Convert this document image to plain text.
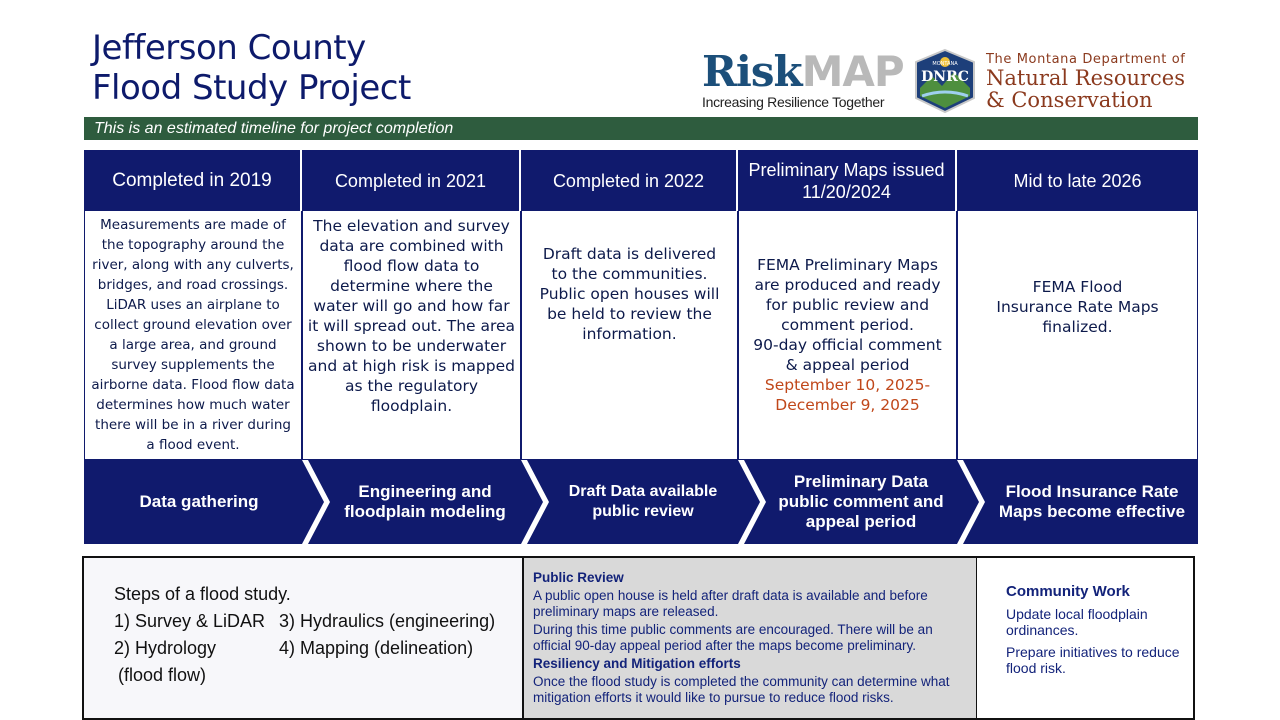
Jefferson County
Flood Study Project	RiskMAP
Increasing Resilience Together
MONTANA
DNRC
The Montana Department of
Natural Resources
& Conservation
This is an estimated timeline for project completion
Completed in 2019

Measurements are made of the topography around the river, along with any culverts, bridges, and road crossings. LiDAR uses an airplane to collect ground elevation over a large area, and ground survey supplements the airborne data. Flood flow data determines how much water there will be in a river during a flood event.

Completed in 2021

The elevation and survey data are combined with flood flow data to determine where the water will go and how far it will spread out. The area shown to be underwater and at high risk is mapped as the regulatory floodplain.

Completed in 2022

Draft data is delivered to the communities. Public open houses will be held to review the information.

Preliminary Maps issued 11/20/2024

FEMA Preliminary Maps are produced and ready for public review and comment period.

90-day official comment & appeal period

September 10, 2025-December 9, 2025

Mid to late 2026

FEMA Flood Insurance Rate Maps finalized.

Data gathering
Engineering and floodplain modeling
Draft Data available public review
Preliminary Data public comment and appeal period
Flood Insurance Rate Maps become effective
Steps of a flood study.
1) Survey & LiDAR 3) Hydraulics (engineering)
2) Hydrology	4) Mapping (delineation)
(flood flow)

Public Review

A public open house is held after draft data is available and before preliminary maps are released.

During this time public comments are encouraged. There will be an official 90-day appeal period after the maps become preliminary.

Resiliency and Mitigation efforts

Once the flood study is completed the community can determine what mitigation efforts it would like to pursue to reduce flood risks.

Community Work

Update local floodplain ordinances.

Prepare initiatives to reduce flood risk.
